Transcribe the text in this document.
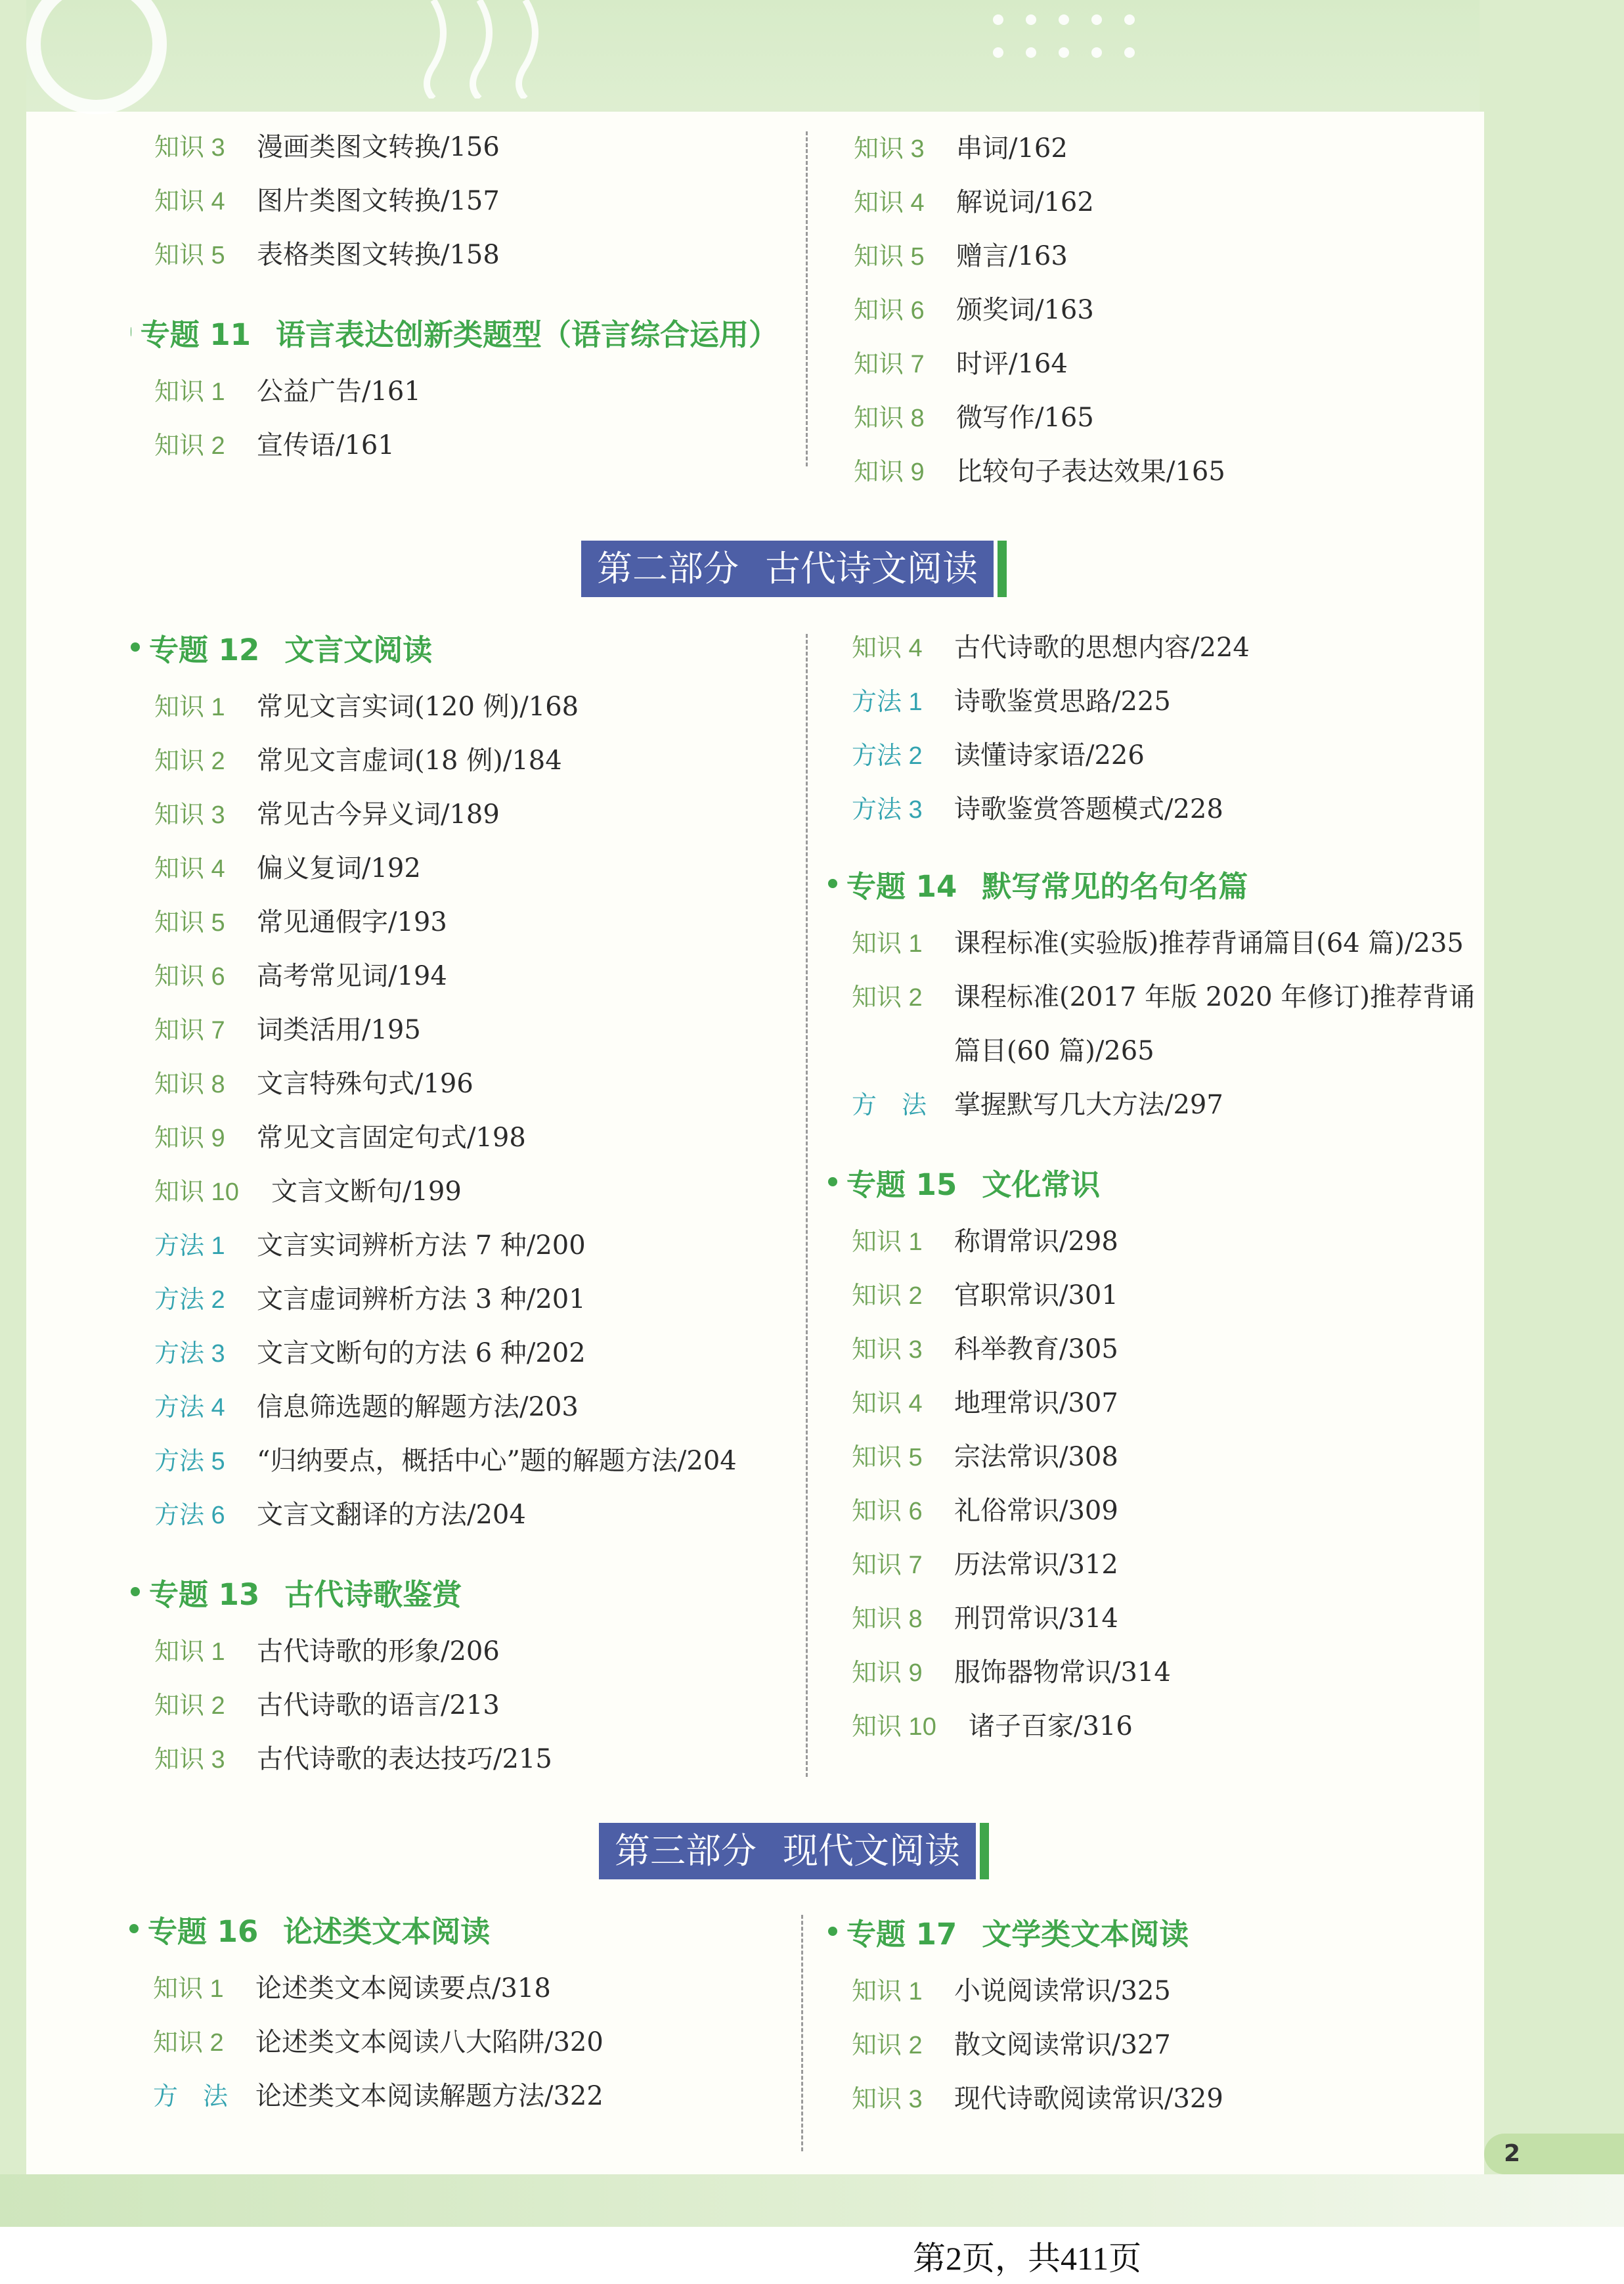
知识 3	漫画类图文转换/156
知识 4	图片类图文转换/157
知识 5	表格类图文转换/158
专题 11 语言表达创新类题型（语言综合运用）
知识 1	公益广告/161
知识 2	宣传语/161
知识 3	串词/162
知识 4	解说词/162
知识 5	赠言/163
知识 6	颁奖词/163
知识 7	时评/164
知识 8	微写作/165
知识 9	比较句子表达效果/165
第二部分 古代诗文阅读
专题 12 文言文阅读
知识 1	常见文言实词(120 例)/168
知识 2	常见文言虚词(18 例)/184
知识 3	常见古今异义词/189
知识 4	偏义复词/192
知识 5	常见通假字/193
知识 6	高考常见词/194
知识 7	词类活用/195
知识 8	文言特殊句式/196
知识 9	常见文言固定句式/198
知识 10	文言文断句/199
方法 1	文言实词辨析方法 7 种/200
方法 2	文言虚词辨析方法 3 种/201
方法 3	文言文断句的方法 6 种/202
方法 4	信息筛选题的解题方法/203
方法 5	“归纳要点，概括中心”题的解题方法/204
方法 6	文言文翻译的方法/204
专题 13 古代诗歌鉴赏
知识 1	古代诗歌的形象/206
知识 2	古代诗歌的语言/213
知识 3	古代诗歌的表达技巧/215
知识 4	古代诗歌的思想内容/224
方法 1	诗歌鉴赏思路/225
方法 2	读懂诗家语/226
方法 3	诗歌鉴赏答题模式/228
专题 14 默写常见的名句名篇
知识 1	课程标准(实验版)推荐背诵篇目(64 篇)/235
知识 2	课程标准(2017 年版 2020 年修订)推荐背诵
篇目(60 篇)/265
方　法	掌握默写几大方法/297
专题 15 文化常识
知识 1	称谓常识/298
知识 2	官职常识/301
知识 3	科举教育/305
知识 4	地理常识/307
知识 5	宗法常识/308
知识 6	礼俗常识/309
知识 7	历法常识/312
知识 8	刑罚常识/314
知识 9	服饰器物常识/314
知识 10	诸子百家/316
第三部分 现代文阅读
专题 16 论述类文本阅读
知识 1	论述类文本阅读要点/318
知识 2	论述类文本阅读八大陷阱/320
方　法	论述类文本阅读解题方法/322
专题 17 文学类文本阅读
知识 1	小说阅读常识/325
知识 2	散文阅读常识/327
知识 3	现代诗歌阅读常识/329
2
第2页，共411页
